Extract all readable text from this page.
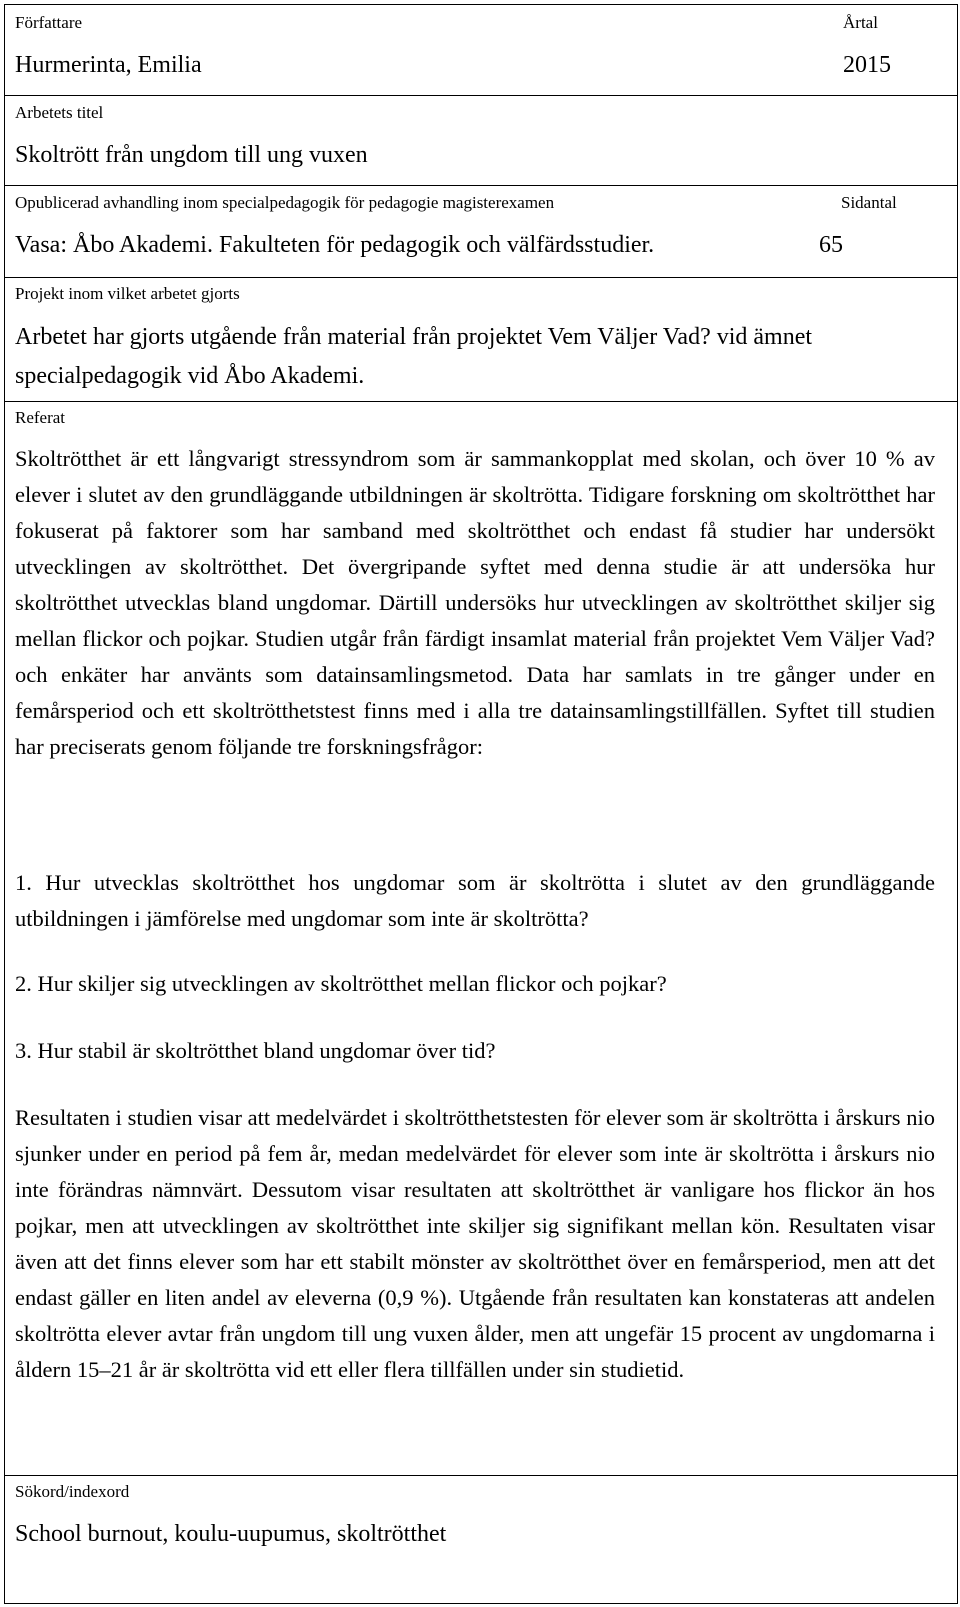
Författare	Årtal
Hurmerinta, Emilia	2015
Arbetets titel
Skoltrött från ungdom till ung vuxen
Opublicerad avhandling inom specialpedagogik för pedagogie magisterexamen	Sidantal
Vasa: Åbo Akademi. Fakulteten för pedagogik och välfärdsstudier.	65
Projekt inom vilket arbetet gjorts
Arbetet har gjorts utgående från material från projektet Vem Väljer Vad? vid ämnet specialpedagogik vid Åbo Akademi.
Referat
Skoltrötthet är ett långvarigt stressyndrom som är sammankopplat med skolan, och över 10 % av elever i slutet av den grundläggande utbildningen är skoltrötta. Tidigare forskning om skoltrötthet har fokuserat på faktorer som har samband med skoltrötthet och endast få studier har undersökt utvecklingen av skoltrötthet. Det övergripande syftet med denna studie är att undersöka hur skoltrötthet utvecklas bland ungdomar. Därtill undersöks hur utvecklingen av skoltrötthet skiljer sig mellan flickor och pojkar. Studien utgår från färdigt insamlat material från projektet Vem Väljer Vad? och enkäter har använts som datainsamlingsmetod. Data har samlats in tre gånger under en femårsperiod och ett skoltrötthetstest finns med i alla tre datainsamlingstillfällen. Syftet till studien har preciserats genom följande tre forskningsfrågor:
1. Hur utvecklas skoltrötthet hos ungdomar som är skoltrötta i slutet av den grundläggande utbildningen i jämförelse med ungdomar som inte är skoltrötta?
2. Hur skiljer sig utvecklingen av skoltrötthet mellan flickor och pojkar?
3. Hur stabil är skoltrötthet bland ungdomar över tid?
Resultaten i studien visar att medelvärdet i skoltrötthetstesten för elever som är skoltrötta i årskurs nio sjunker under en period på fem år, medan medelvärdet för elever som inte är skoltrötta i årskurs nio inte förändras nämnvärt. Dessutom visar resultaten att skoltrötthet är vanligare hos flickor än hos pojkar, men att utvecklingen av skoltrötthet inte skiljer sig signifikant mellan kön. Resultaten visar även att det finns elever som har ett stabilt mönster av skoltrötthet över en femårsperiod, men att det endast gäller en liten andel av eleverna (0,9 %). Utgående från resultaten kan konstateras att andelen skoltrötta elever avtar från ungdom till ung vuxen ålder, men att ungefär 15 procent av ungdomarna i åldern 15–21 år är skoltrötta vid ett eller flera tillfällen under sin studietid.
Sökord/indexord
School burnout, koulu-uupumus, skoltrötthet
